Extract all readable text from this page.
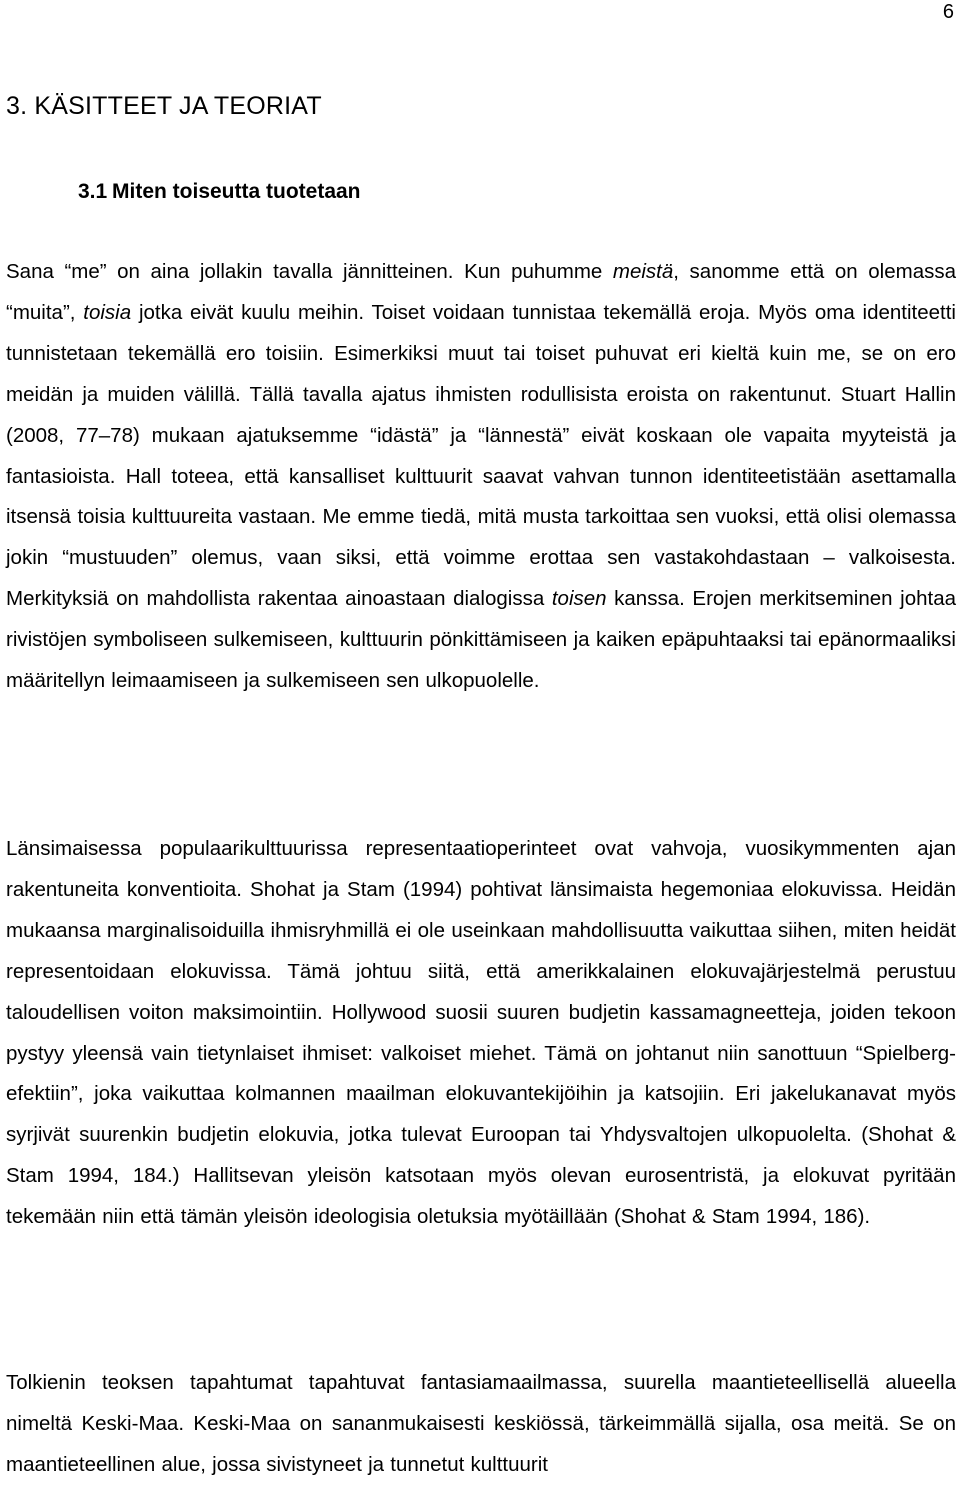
6
3. KÄSITTEET JA TEORIAT
3.1 Miten toiseutta tuotetaan
Sana “me” on aina jollakin tavalla jännitteinen. Kun puhumme meistä, sanomme että on olemassa “muita”, toisia jotka eivät kuulu meihin. Toiset voidaan tunnistaa tekemällä eroja. Myös oma identiteetti tunnistetaan tekemällä ero toisiin. Esimerkiksi muut tai toiset puhuvat eri kieltä kuin me, se on ero meidän ja muiden välillä. Tällä tavalla ajatus ihmisten rodullisista eroista on rakentunut. Stuart Hallin (2008, 77–78) mukaan ajatuksemme “idästä” ja “lännestä” eivät koskaan ole vapaita myyteistä ja fantasioista. Hall toteea, että kansalliset kulttuurit saavat vahvan tunnon identiteetistään asettamalla itsensä toisia kulttuureita vastaan. Me emme tiedä, mitä musta tarkoittaa sen vuoksi, että olisi olemassa jokin “mustuuden” olemus, vaan siksi, että voimme erottaa sen vastakohdastaan – valkoisesta. Merkityksiä on mahdollista rakentaa ainoastaan dialogissa toisen kanssa. Erojen merkitseminen johtaa rivistöjen symboliseen sulkemiseen, kulttuurin pönkittämiseen ja kaiken epäpuhtaaksi tai epänormaaliksi määritellyn leimaamiseen ja sulkemiseen sen ulkopuolelle.
Länsimaisessa populaarikulttuurissa representaatioperinteet ovat vahvoja, vuosikymmenten ajan rakentuneita konventioita. Shohat ja Stam (1994) pohtivat länsimaista hegemoniaa elokuvissa. Heidän mukaansa marginalisoiduilla ihmisryhmillä ei ole useinkaan mahdollisuutta vaikuttaa siihen, miten heidät representoidaan elokuvissa. Tämä johtuu siitä, että amerikkalainen elokuvajärjestelmä perustuu taloudellisen voiton maksimointiin. Hollywood suosii suuren budjetin kassamagneetteja, joiden tekoon pystyy yleensä vain tietynlaiset ihmiset: valkoiset miehet. Tämä on johtanut niin sanottuun “Spielberg-efektiin”, joka vaikuttaa kolmannen maailman elokuvantekijöihin ja katsojiin. Eri jakelukanavat myös syrjivät suurenkin budjetin elokuvia, jotka tulevat Euroopan tai Yhdysvaltojen ulkopuolelta. (Shohat & Stam 1994, 184.) Hallitsevan yleisön katsotaan myös olevan eurosentristä, ja elokuvat pyritään tekemään niin että tämän yleisön ideologisia oletuksia myötäillään (Shohat & Stam 1994, 186).
Tolkienin teoksen tapahtumat tapahtuvat fantasiamaailmassa, suurella maantieteellisellä alueella nimeltä Keski-Maa. Keski-Maa on sananmukaisesti keskiössä, tärkeimmällä sijalla, osa meitä. Se on maantieteellinen alue, jossa sivistyneet ja tunnetut kulttuurit
